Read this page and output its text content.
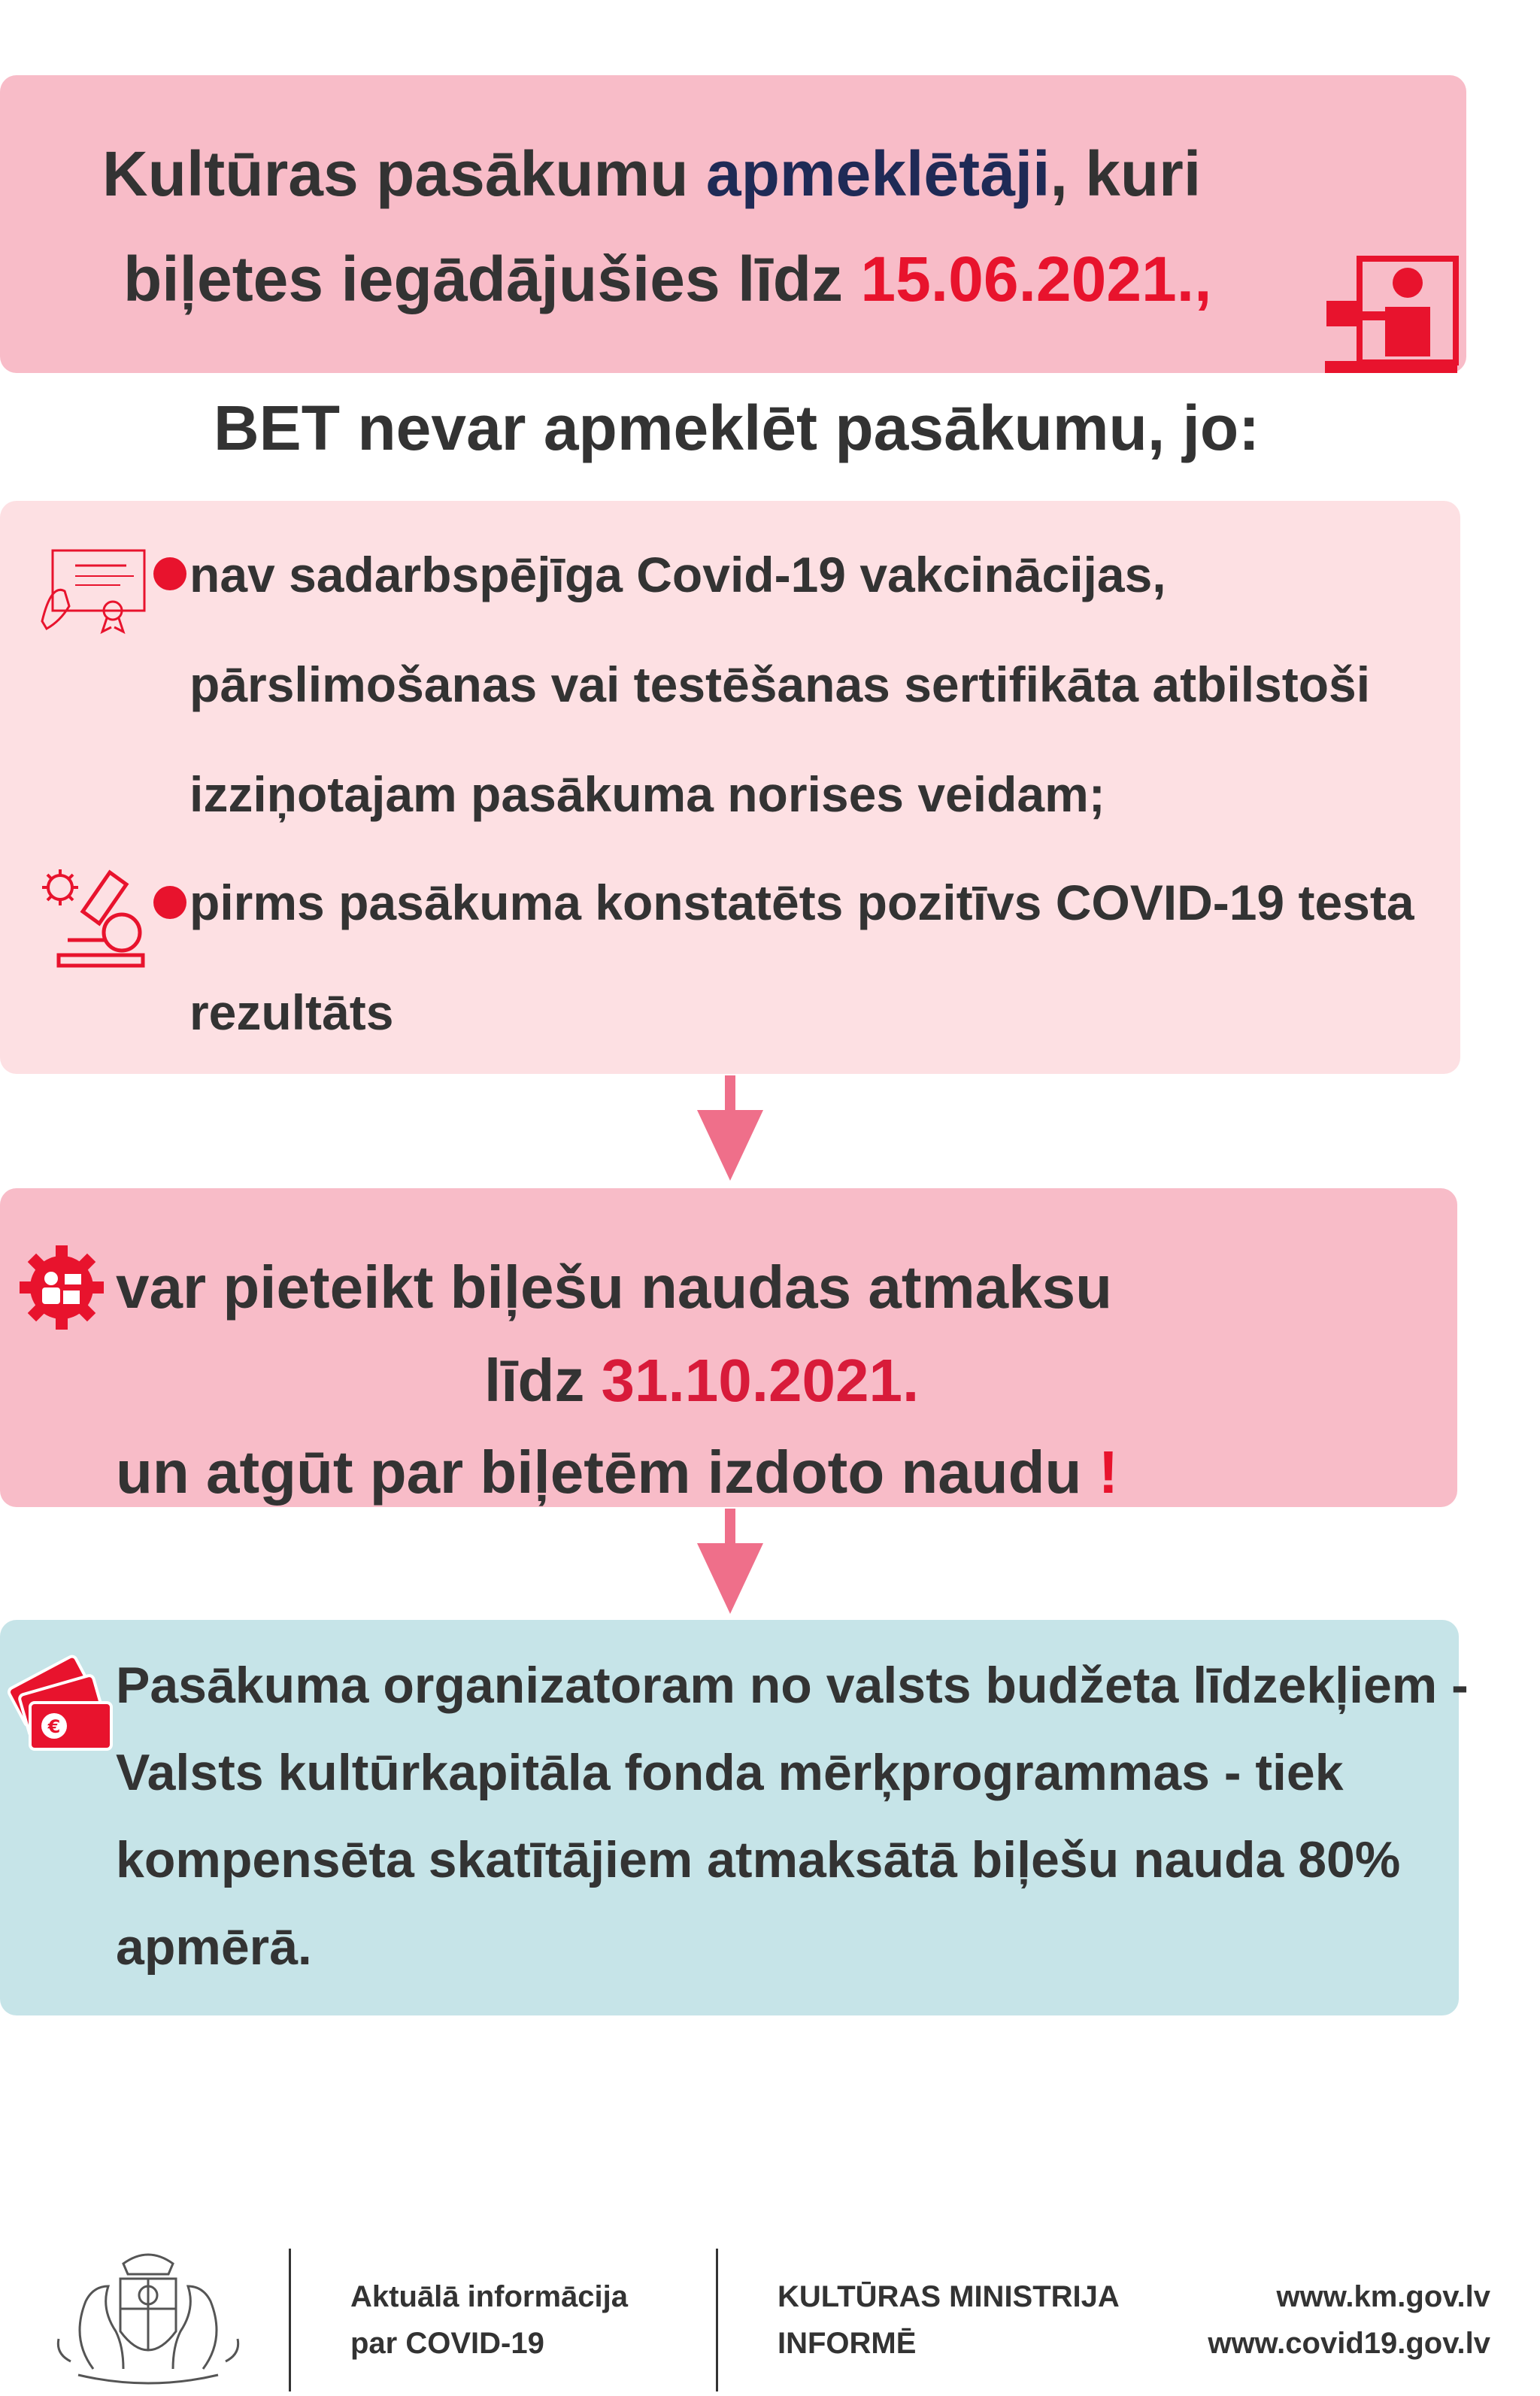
Kultūras pasākumu apmeklētāji, kuri
biļetes iegādājušies līdz 15.06.2021.,
BET nevar apmeklēt pasākumu, jo:
nav sadarbspējīga Covid-19 vakcinācijas,
pārslimošanas vai testēšanas sertifikāta atbilstoši
izziņotajam pasākuma norises veidam;
pirms pasākuma konstatēts pozitīvs COVID-19 testa
rezultāts
var pieteikt biļešu naudas atmaksu
līdz 31.10.2021.
un atgūt par biļetēm izdoto naudu !
€
Pasākuma organizatoram no valsts budžeta līdzekļiem -
Valsts kultūrkapitāla fonda mērķprogrammas - tiek
kompensēta skatītājiem atmaksātā biļešu nauda 80%
apmērā.
Aktuālā informācija
par COVID-19
KULTŪRAS MINISTRIJA
INFORMĒ
www.km.gov.lv
www.covid19.gov.lv
